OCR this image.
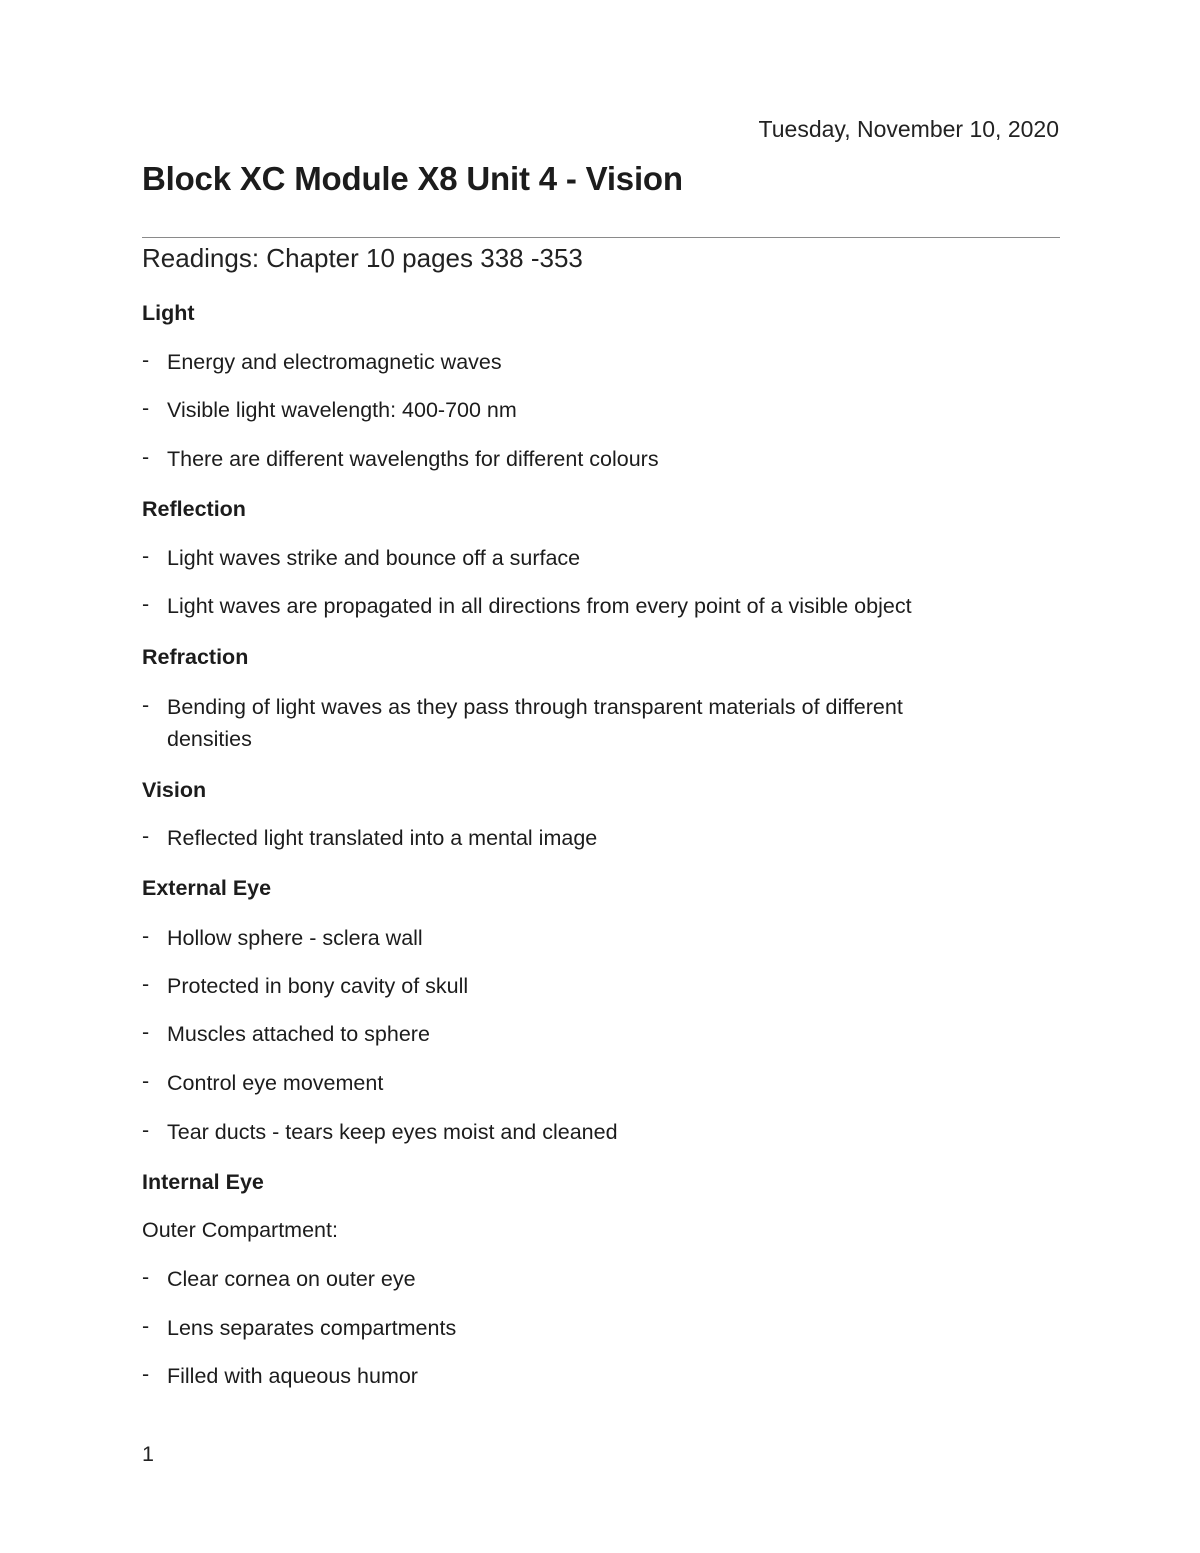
Tuesday, November 10, 2020
Block XC Module X8 Unit 4 - Vision
Readings: Chapter 10 pages 338 -353
Light
- Energy and electromagnetic waves
- Visible light wavelength: 400-700 nm
- There are different wavelengths for different colours
Reflection
- Light waves strike and bounce off a surface
- Light waves are propagated in all directions from every point of a visible object
Refraction
- Bending of light waves as they pass through transparent materials of different densities
Vision
- Reflected light translated into a mental image
External Eye
- Hollow sphere - sclera wall
- Protected in bony cavity of skull
- Muscles attached to sphere
- Control eye movement
- Tear ducts - tears keep eyes moist and cleaned
Internal Eye
Outer Compartment:
- Clear cornea on outer eye
- Lens separates compartments
- Filled with aqueous humor
1
